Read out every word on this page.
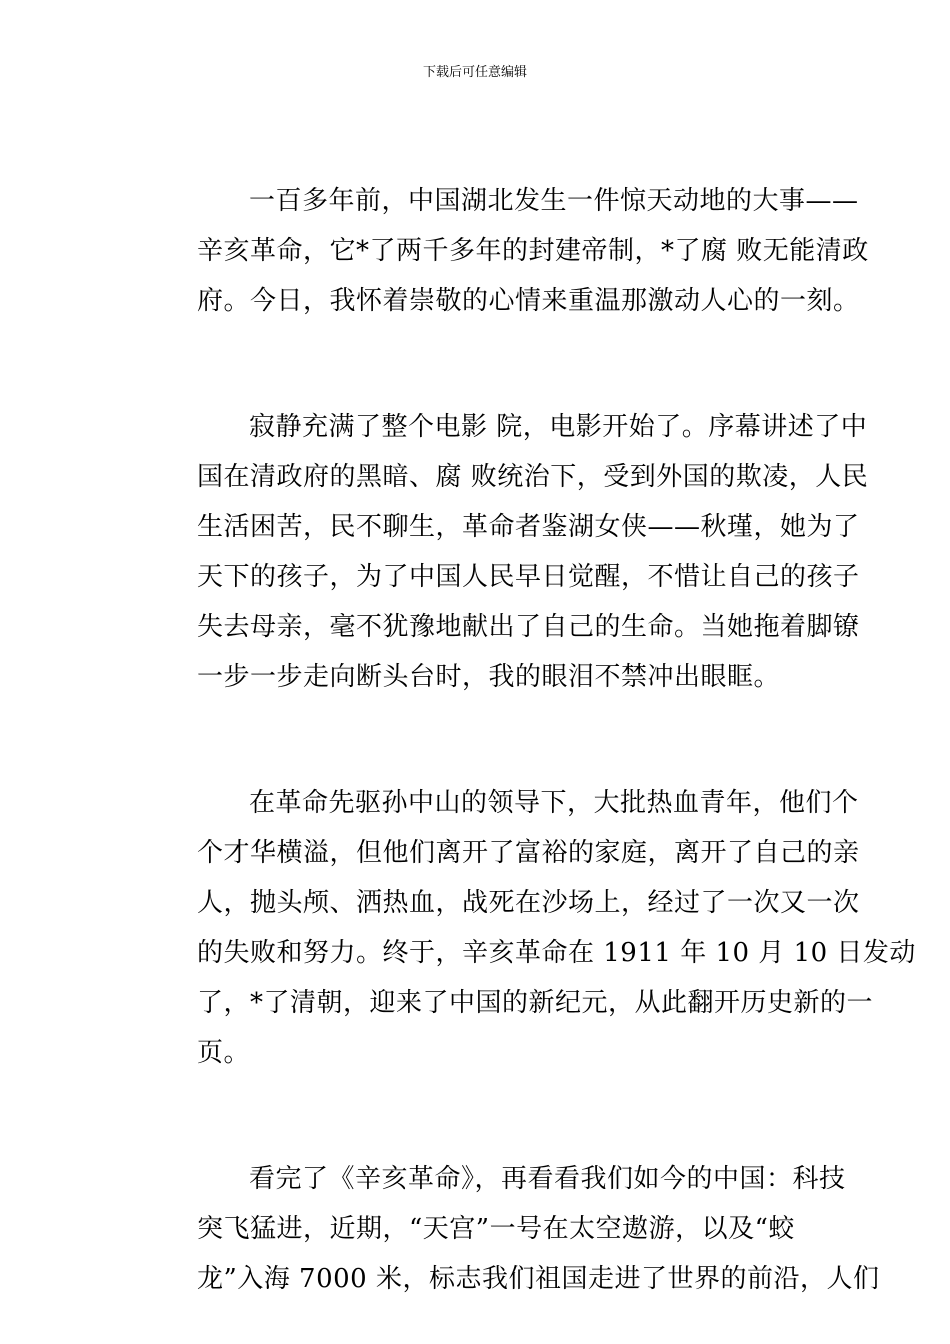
下载后可任意编辑

一百多年前，中国湖北发生一件惊天动地的大事——
辛亥革命，它*了两千多年的封建帝制，*了腐 败无能清政
府。今日，我怀着崇敬的心情来重温那激动人心的一刻。

寂静充满了整个电影 院，电影开始了。序幕讲述了中
国在清政府的黑暗、腐 败统治下，受到外国的欺凌，人民
生活困苦，民不聊生，革命者鉴湖女侠——秋瑾，她为了
天下的孩子，为了中国人民早日觉醒，不惜让自己的孩子
失去母亲，毫不犹豫地献出了自己的生命。当她拖着脚镣
一步一步走向断头台时，我的眼泪不禁冲出眼眶。

在革命先驱孙中山的领导下，大批热血青年，他们个
个才华横溢，但他们离开了富裕的家庭，离开了自己的亲
人，抛头颅、洒热血，战死在沙场上，经过了一次又一次
的失败和努力。终于，辛亥革命在 1911 年 10 月 10 日发动
了，*了清朝，迎来了中国的新纪元，从此翻开历史新的一
页。

看完了《辛亥革命》，再看看我们如今的中国：科技
突飞猛进，近期，“天宫”一号在太空遨游，以及“蛟
龙”入海 7000 米，标志我们祖国走进了世界的前沿，人们
